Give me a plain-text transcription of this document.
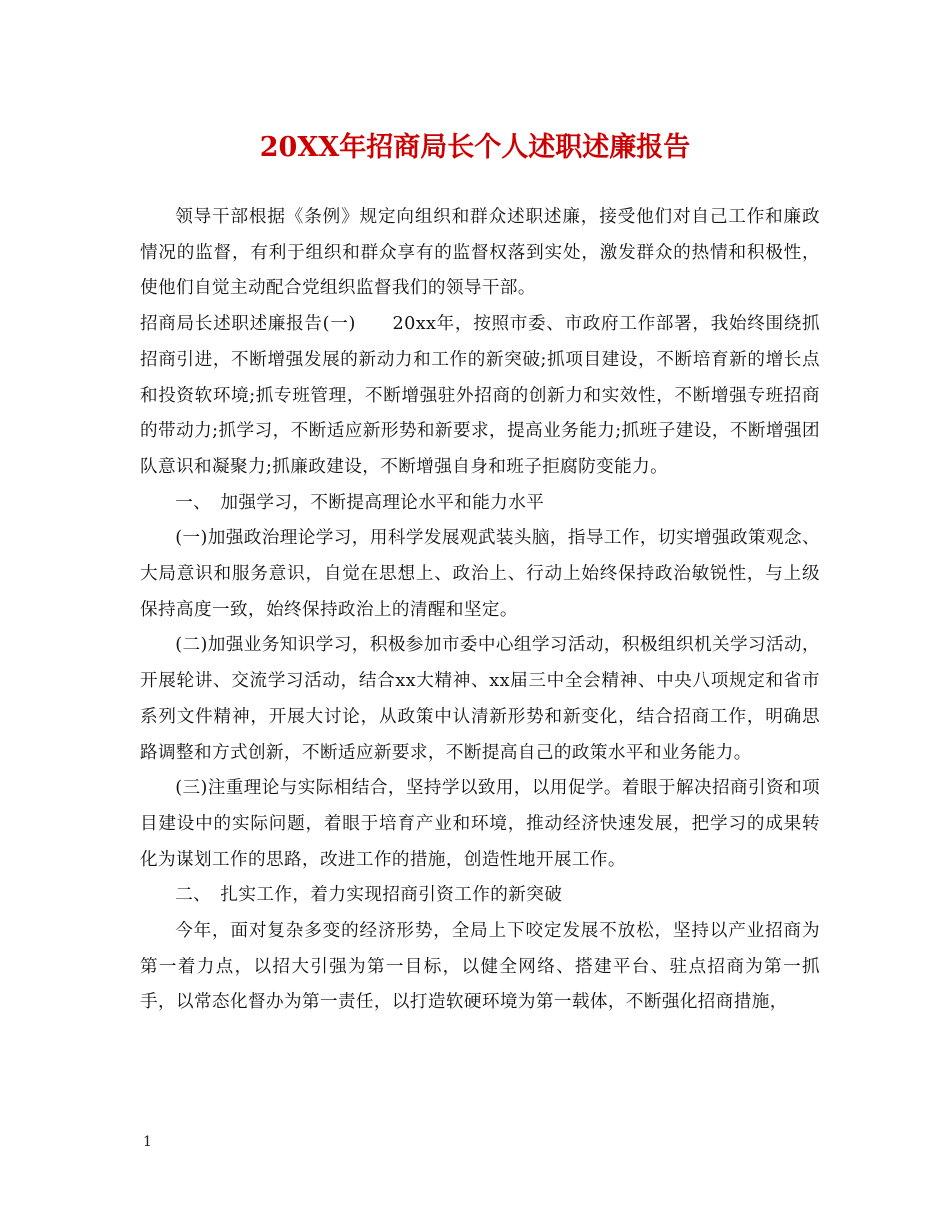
20XX年招商局长个人述职述廉报告

领导干部根据《条例》规定向组织和群众述职述廉，接受他们对自己工作和廉政情况的监督，有利于组织和群众享有的监督权落到实处，激发群众的热情和积极性，使他们自觉主动配合党组织监督我们的领导干部。

招商局长述职述廉报告(一)　　20xx年，按照市委、市政府工作部署，我始终围绕抓招商引进，不断增强发展的新动力和工作的新突破;抓项目建设，不断培育新的增长点和投资软环境;抓专班管理，不断增强驻外招商的创新力和实效性，不断增强专班招商的带动力;抓学习，不断适应新形势和新要求，提高业务能力;抓班子建设，不断增强团队意识和凝聚力;抓廉政建设，不断增强自身和班子拒腐防变能力。

一、　加强学习，不断提高理论水平和能力水平

(一)加强政治理论学习，用科学发展观武装头脑，指导工作，切实增强政策观念、大局意识和服务意识，自觉在思想上、政治上、行动上始终保持政治敏锐性，与上级保持高度一致，始终保持政治上的清醒和坚定。

(二)加强业务知识学习，积极参加市委中心组学习活动，积极组织机关学习活动，开展轮讲、交流学习活动，结合xx大精神、xx届三中全会精神、中央八项规定和省市系列文件精神，开展大讨论，从政策中认清新形势和新变化，结合招商工作，明确思路调整和方式创新，不断适应新要求，不断提高自己的政策水平和业务能力。

(三)注重理论与实际相结合，坚持学以致用，以用促学。着眼于解决招商引资和项目建设中的实际问题，着眼于培育产业和环境，推动经济快速发展，把学习的成果转化为谋划工作的思路，改进工作的措施，创造性地开展工作。

二、　扎实工作，着力实现招商引资工作的新突破

今年，面对复杂多变的经济形势，全局上下咬定发展不放松，坚持以产业招商为第一着力点，以招大引强为第一目标，以健全网络、搭建平台、驻点招商为第一抓手，以常态化督办为第一责任，以打造软硬环境为第一载体，不断强化招商措施，

1
